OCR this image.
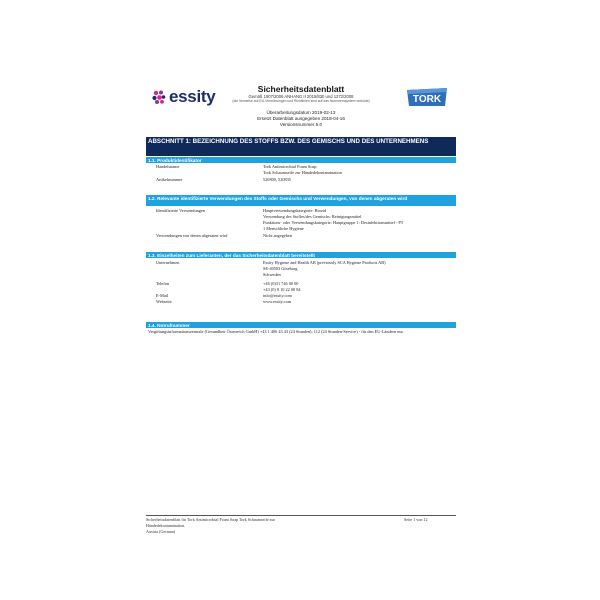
essity	Sicherheitsdatenblatt
Gemäß 1907/2006 ANHANG II 2015/830 und 1272/2008
(die Verweise auf EU-Verordnungen und Richtlinien sind auf das Nummernsystem verkürzt)
Überarbeitungsdatum 2019-02-13
Ersetzt Datenblatt ausgegeben 2018-04-16
Versionsnummer 5.0
TORK
ABSCHNITT 1: BEZEICHNUNG DES STOFFS BZW. DES GEMISCHS UND DES UNTERNEHMENS
1.1. Produktidentifikator
Handelsname	Tork Antimicrobial Foam Soap
Tork Schaumseife zur Händedekontamination
Artikelnummer	520800, 520835
1.2. Relevante identifizierte Verwendungen des Stoffs oder Gemischs und Verwendungen, von denen abgeraten wird
Identifizierte Verwendungen	Hauptverwendungskategorie: Biozid
Verwendung des Stoffes/des Gemischs: Reinigungsmittel
Funktions- oder Verwendungskategorie: Hauptgruppe 1: Desinfektionsmittel - PT
1 Menschliche Hygiene
Verwendungen von denen abgeraten wird	Nicht angegeben
1.3. Einzelheiten zum Lieferanten, der das Sicherheitsdatenblatt bereitstellt
Unternehmen	Essity Hygiene and Health AB (previously SCA Hygiene Products AB)
SE-40503 Göteborg
Schweden
Telefon	+46 (0)31 746 00 00
+43 (0) 8 10 22 00 84
E-Mail	info@essity.com
Webseite	www.essity.com
1.4. Notrufnummer
Vergiftungsinformationszentrale (Gesundheit Österreich GmbH) +43 1 406 43 43 (24 Stunden); 112 (24 Stunden-Service) - für den EU-Ländern nur.
Sicherheitsdatenblatt für Tork Antimicrobial Foam Soap Tork Schaumseife zur
Händedekontamination.
Austria (German)
Seite 1 von 12
